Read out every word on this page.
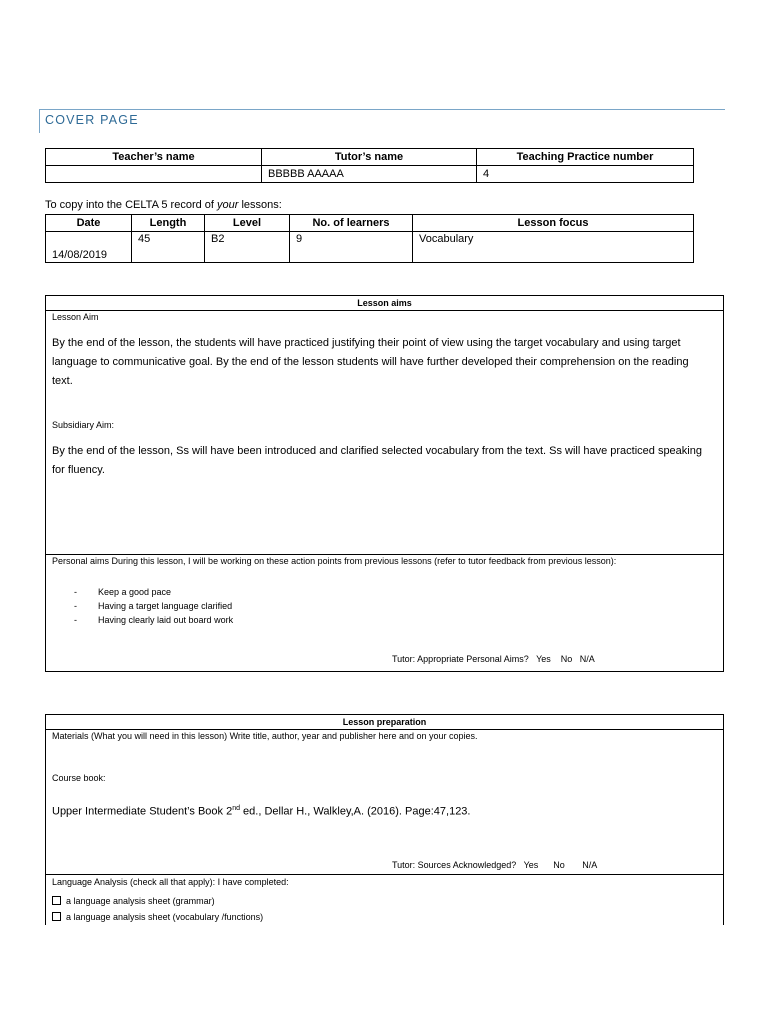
COVER PAGE
Teacher’s name	Tutor’s name	Teaching Practice number
	BBBBB AAAAA	4
To copy into the CELTA 5 record of your lessons:
Date	Length	Level	No. of learners	Lesson focus

14/08/2019	45	B2	9	Vocabulary
Lesson aims
Lesson Aim
By the end of the lesson, the students will have practiced justifying their point of view using the target vocabulary and using target language to communicative goal. By the end of the lesson students will have further developed their comprehension on the reading text.
Subsidiary Aim:
By the end of the lesson, Ss will have been introduced and clarified selected vocabulary from the text. Ss will have practiced speaking for fluency.
Personal aims During this lesson, I will be working on these action points from previous lessons (refer to tutor feedback from previous lesson):
- Keep a good pace
- Having a target language clarified
- Having clearly laid out board work
Tutor: Appropriate Personal Aims?   Yes    No   N/A
Lesson preparation
Materials (What you will need in this lesson) Write title, author, year and publisher here and on your copies.
Course book:
Upper Intermediate Student’s Book 2nd ed., Dellar H., Walkley,A. (2016). Page:47,123.
Tutor: Sources Acknowledged?   Yes      No       N/A
Language Analysis (check all that apply): I have completed:
a language analysis sheet (grammar)
a language analysis sheet (vocabulary /functions)
